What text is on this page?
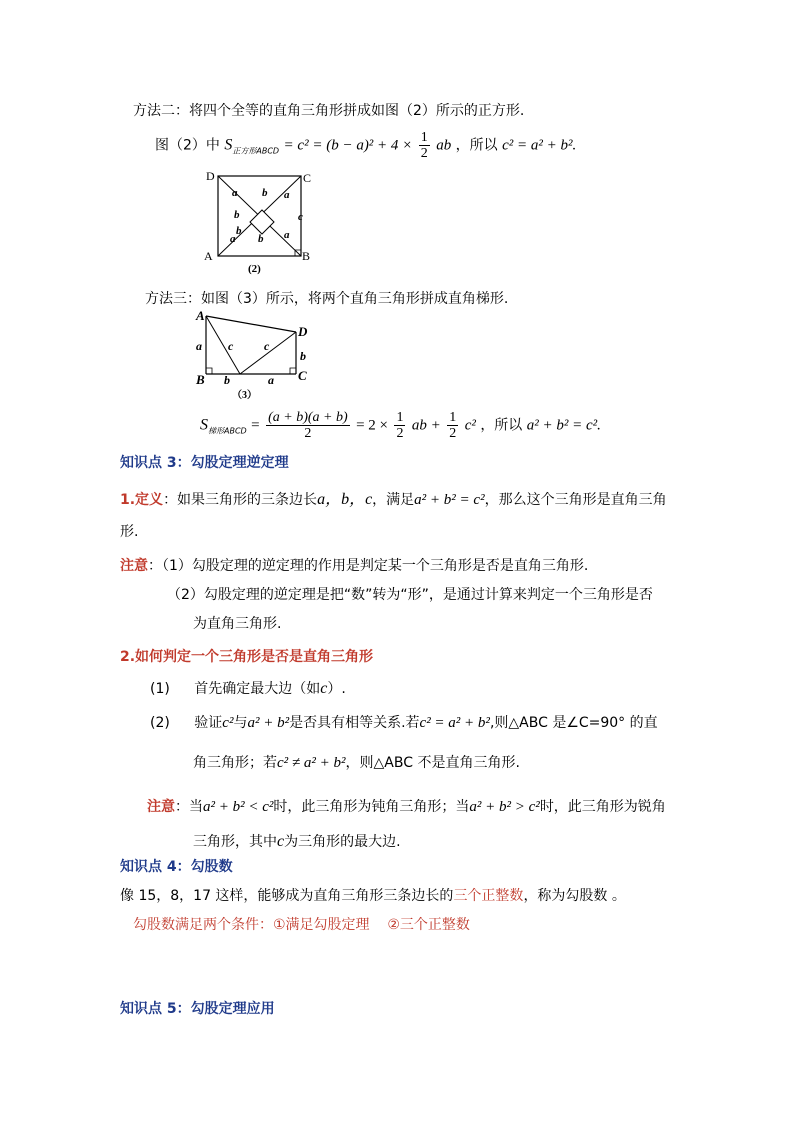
方法二：将四个全等的直角三角形拼成如图（2）所示的正方形.
图（2）中 $S_{正方形ABCD} = c^2 = (b - a)^2 + 4 \times \frac{1}{2}$ ab ，所以 c² = a² + b².
D	C
A	B
a b
b
a
b
c
a b a
(2)
方法三：如图（3）所示，将两个直角三角形拼成直角梯形.
A
D
B	C
a c	c
b
b	a
（3）
$S_{梯形ABCD} = \frac{(a + b)(a + b)}{2} = 2 \times \frac{1}{2}$ ab + $\frac{1}{2} c^2$ ，所以 a² + b² = c².
知识点 3：勾股定理逆定理
1.定义：如果三角形的三条边长a，b，c，满足a² + b² = c²，那么这个三角形是直角三角
形.
注意：（1）勾股定理的逆定理的作用是判定某一个三角形是否是直角三角形.
（2）勾股定理的逆定理是把“数”转为“形”，是通过计算来判定一个三角形是否
为直角三角形.
2.如何判定一个三角形是否是直角三角形
(1) 首先确定最大边（如c）.
(2) 验证c²与a² + b²是否具有相等关系.若c² = a² + b²,则△ABC 是∠C=90° 的直
角三角形；若c² ≠ a² + b²，则△ABC 不是直角三角形.
注意：当a² + b² < c²时，此三角形为钝角三角形；当a² + b² > c²时，此三角形为锐角
三角形，其中c为三角形的最大边.
知识点 4：勾股数
像 15，8，17 这样，能够成为直角三角形三条边长的三个正整数，称为勾股数 。
勾股数满足两个条件：①满足勾股定理    ②三个正整数
知识点 5：勾股定理应用
